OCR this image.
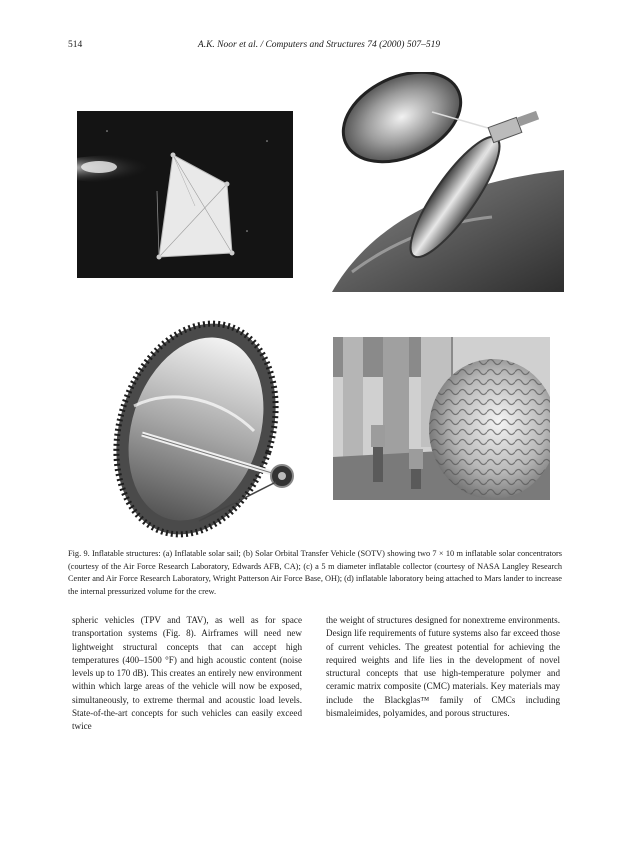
514	A.K. Noor et al. / Computers and Structures 74 (2000) 507–519
Fig. 9. Inflatable structures: (a) Inflatable solar sail; (b) Solar Orbital Transfer Vehicle (SOTV) showing two 7 × 10 m inflatable solar concentrators (courtesy of the Air Force Research Laboratory, Edwards AFB, CA); (c) a 5 m diameter inflatable collector (courtesy of NASA Langley Research Center and Air Force Research Laboratory, Wright Patterson Air Force Base, OH); (d) inflatable laboratory being attached to Mars lander to increase the internal pressurized volume for the crew.

spheric vehicles (TPV and TAV), as well as for space transportation systems (Fig. 8). Airframes will need new lightweight structural concepts that can accept high temperatures (400–1500 °F) and high acoustic content (noise levels up to 170 dB). This creates an entirely new environment within which large areas of the vehicle will now be exposed, simultaneously, to extreme thermal and acoustic load levels. State-of-the-art concepts for such vehicles can easily exceed twice

the weight of structures designed for nonextreme environments. Design life requirements of future systems also far exceed those of current vehicles. The greatest potential for achieving the required weights and life lies in the development of novel structural concepts that use high-temperature polymer and ceramic matrix composite (CMC) materials. Key materials may include the Blackglas™ family of CMCs including bismaleimides, polyamides, and porous structures.
